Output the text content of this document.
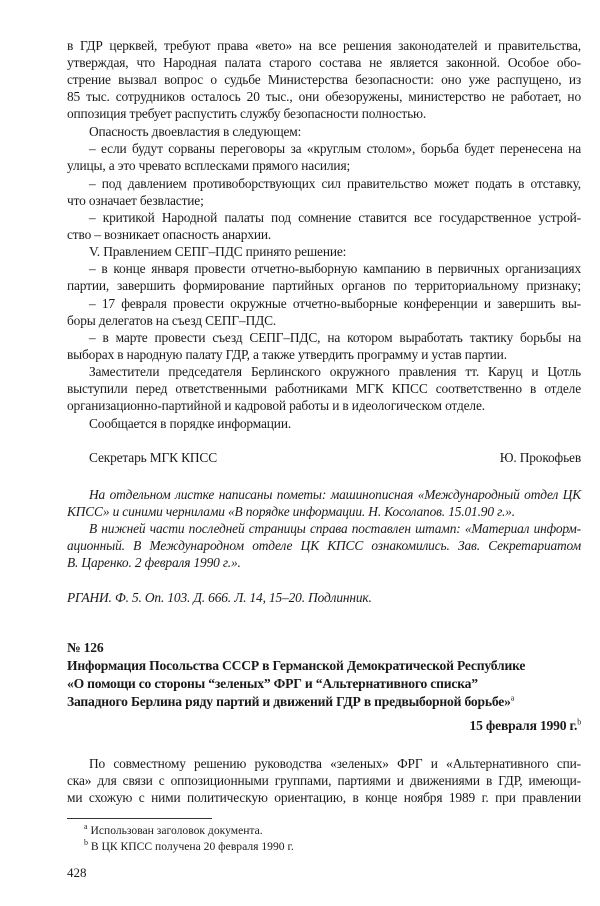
в ГДР церквей, требуют права «вето» на все решения законодателей и правительства,
утверждая, что Народная палата старого состава не является законной. Особое обо-
стрение вызвал вопрос о судьбе Министерства безопасности: оно уже распущено, из
85 тыс. сотрудников осталось 20 тыс., они обезоружены, министерство не работает, но
оппозиция требует распустить службу безопасности полностью.
Опасность двоевластия в следующем:
– если будут сорваны переговоры за «круглым столом», борьба будет перенесена на
улицы, а это чревато всплесками прямого насилия;
– под давлением противоборствующих сил правительство может подать в отставку,
что означает безвластие;
– критикой Народной палаты под сомнение ставится все государственное устрой-
ство – возникает опасность анархии.
V. Правлением СЕПГ–ПДС принято решение:
– в конце января провести отчетно-выборную кампанию в первичных организациях
партии, завершить формирование партийных органов по территориальному признаку;
– 17 февраля провести окружные отчетно-выборные конференции и завершить вы-
боры делегатов на съезд СЕПГ–ПДС.
– в марте провести съезд СЕПГ–ПДС, на котором выработать тактику борьбы на
выборах в народную палату ГДР, а также утвердить программу и устав партии.
Заместители председателя Берлинского окружного правления тт. Каруц и Цотль
выступили перед ответственными работниками МГК КПСС соответственно в отделе
организационно-партийной и кадровой работы и в идеологическом отделе.
Сообщается в порядке информации.
Секретарь МГК КПСС	Ю. Прокофьев
На отдельном листке написаны пометы: машинописная «Международный отдел ЦК
КПСС» и синими чернилами «В порядке информации. Н. Косолапов. 15.01.90 г.».
В нижней части последней страницы справа поставлен штамп: «Материал информ-
ационный. В Международном отделе ЦК КПСС ознакомились. Зав. Секретариатом
В. Царенко. 2 февраля 1990 г.».
РГАНИ. Ф. 5. Оп. 103. Д. 666. Л. 14, 15–20. Подлинник.
№ 126
Информация Посольства СССР в Германской Демократической Республике
«О помощи со стороны “зеленых” ФРГ и “Альтернативного списка”
Западного Берлина ряду партий и движений ГДР в предвыборной борьбе»$^a$
15 февраля 1990 г.$^b$
По совместному решению руководства «зеленых» ФРГ и «Альтернативного спи-
ска» для связи с оппозиционными группами, партиями и движениями в ГДР, имеющи-
ми схожую с ними политическую ориентацию, в конце ноября 1989 г. при правлении
$^a$ Использован заголовок документа.
$^b$ В ЦК КПСС получена 20 февраля 1990 г.
428
